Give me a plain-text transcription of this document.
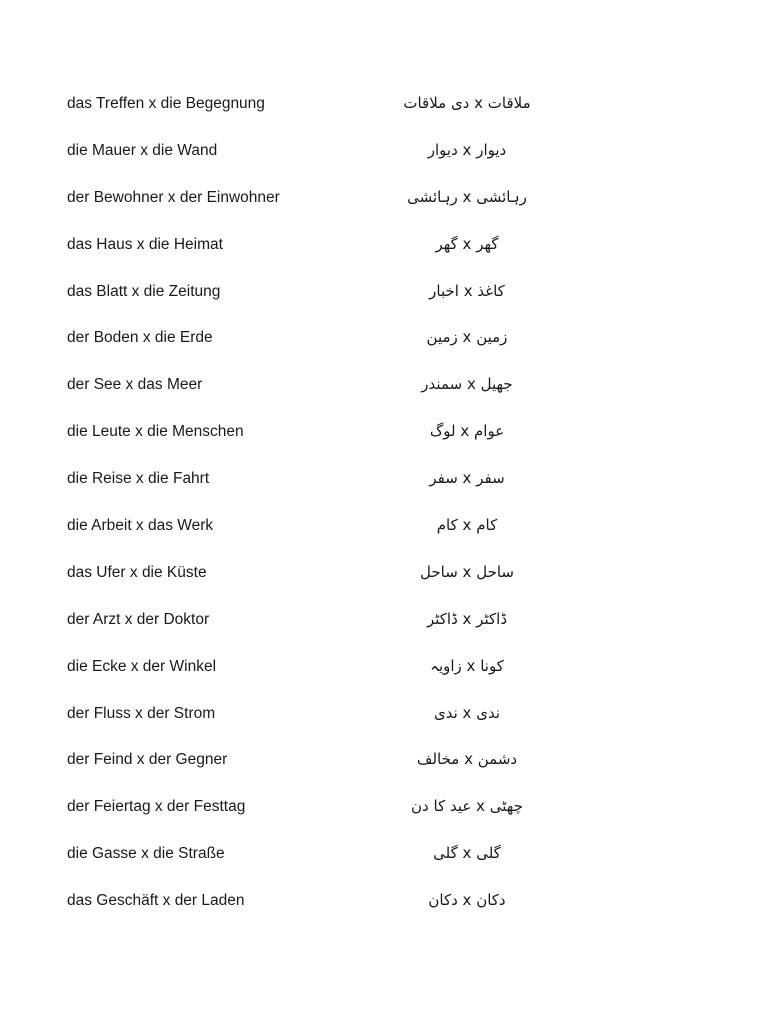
das Treffen x die Begegnung	ملاقات x دی ملاقات
die Mauer x die Wand	دیوار x دیوار
der Bewohner x der Einwohner	رہائشی x رہائشی
das Haus x die Heimat	گھر x گھر
das Blatt x die Zeitung	کاغذ x اخبار
der Boden x die Erde	زمین x زمین
der See x das Meer	جھیل x سمندر
die Leute x die Menschen	عوام x لوگ
die Reise x die Fahrt	سفر x سفر
die Arbeit x das Werk	کام x کام
das Ufer x die Küste	ساحل x ساحل
der Arzt x der Doktor	ڈاکٹر x ڈاکٹر
die Ecke x der Winkel	کونا x زاویہ
der Fluss x der Strom	ندی x ندی
der Feind x der Gegner	دشمن x مخالف
der Feiertag x der Festtag	چھٹی x عید کا دن
die Gasse x die Straße	گلی x گلی
das Geschäft x der Laden	دکان x دکان
